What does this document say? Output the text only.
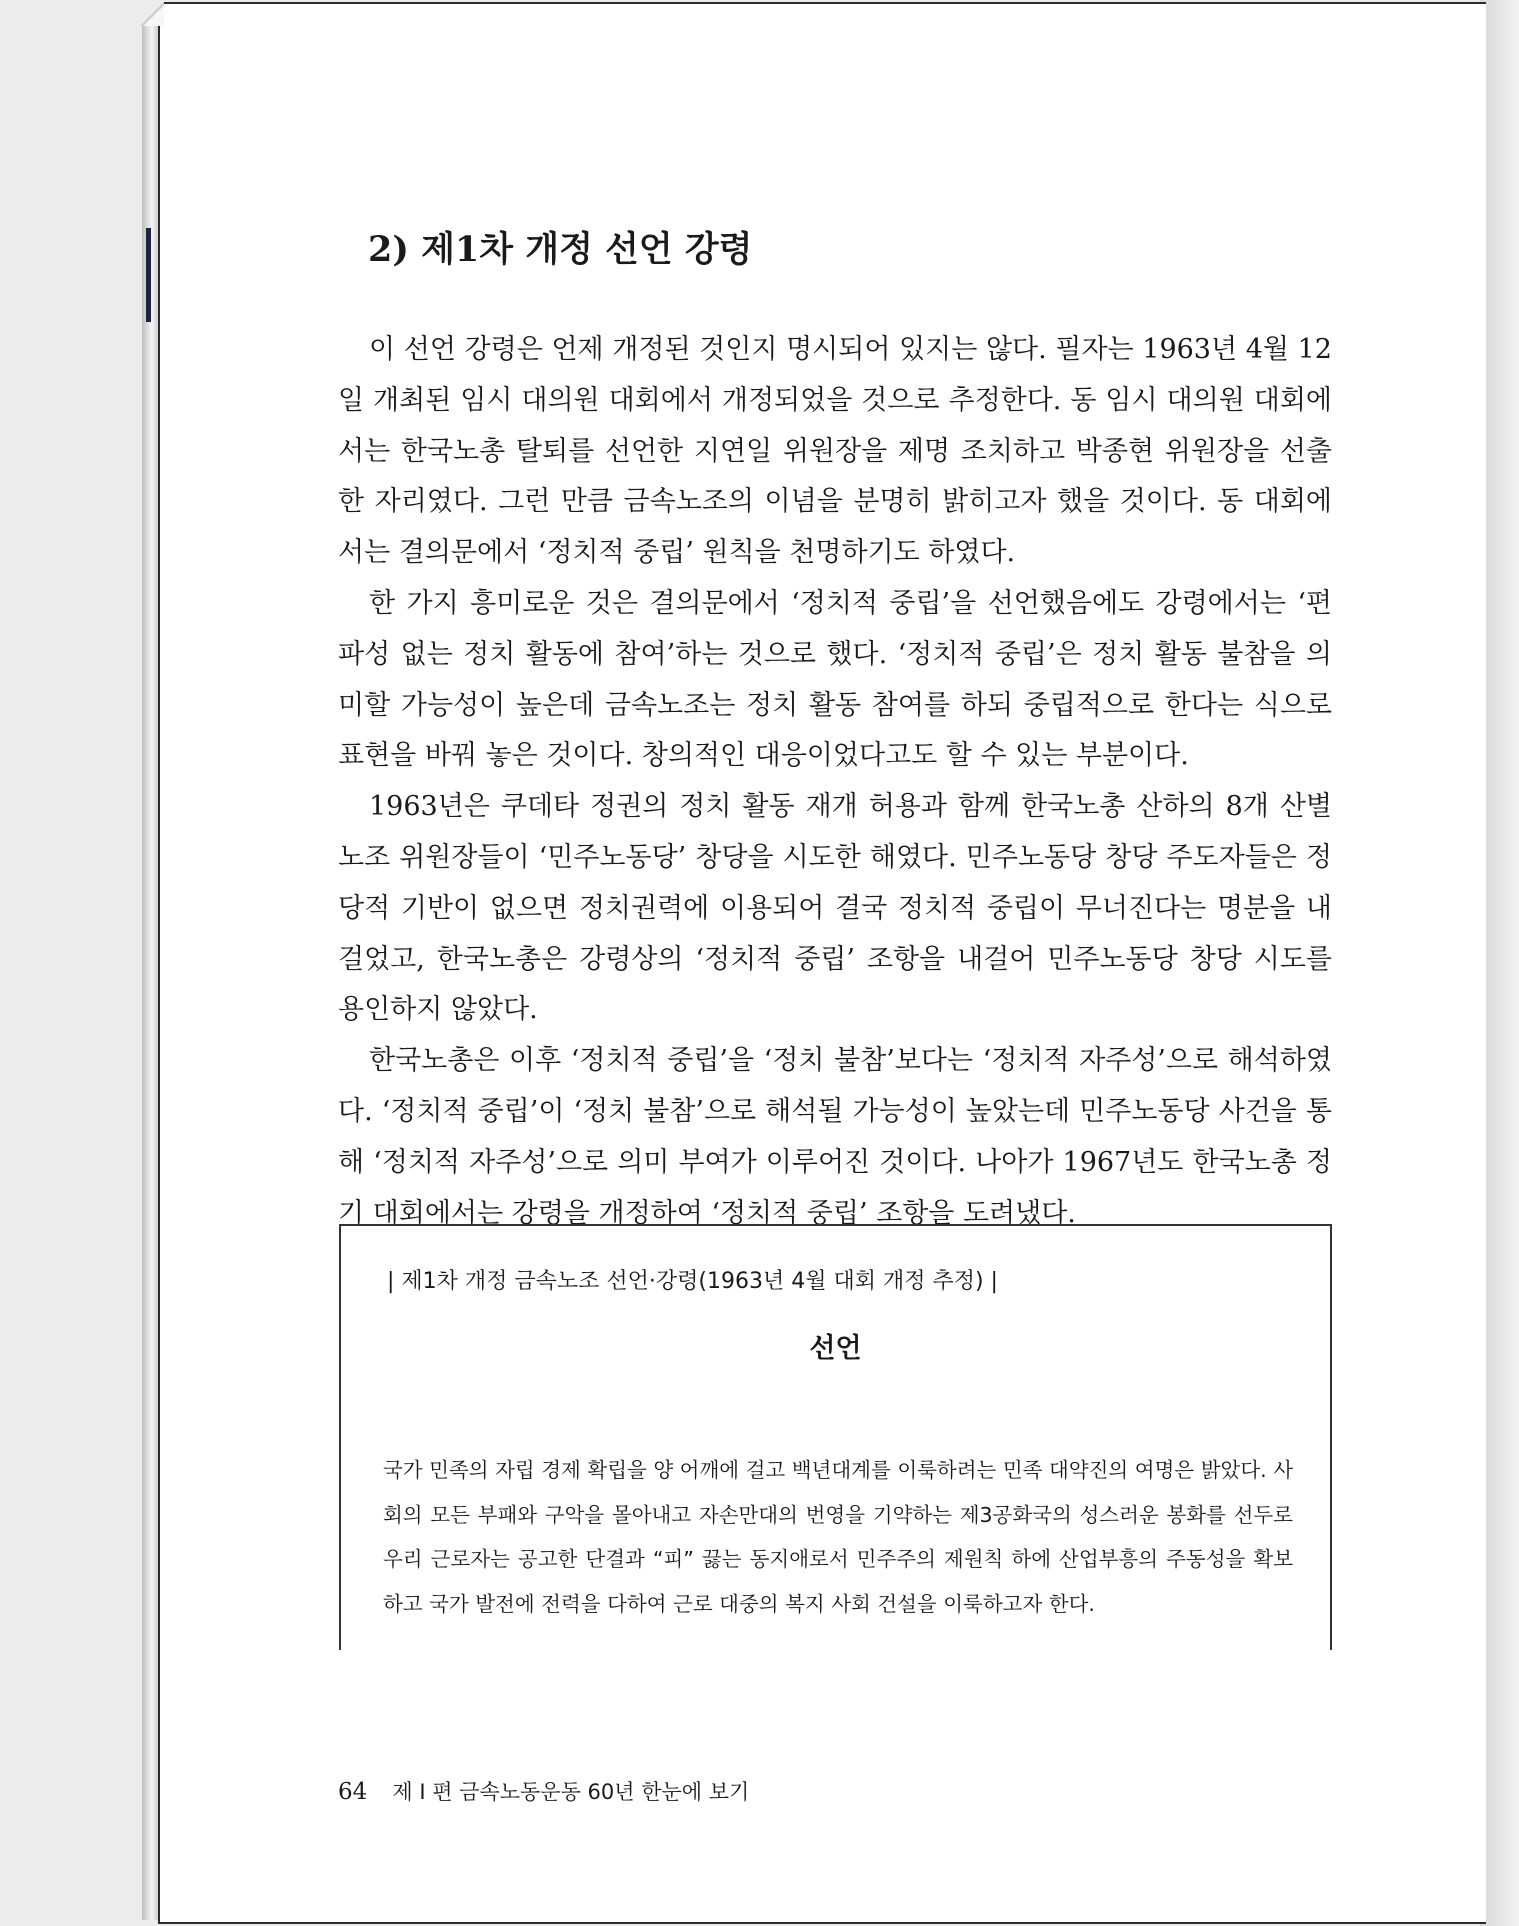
2) 제1차 개정 선언 강령

이 선언 강령은 언제 개정된 것인지 명시되어 있지는 않다. 필자는 1963년 4월 12일 개최된 임시 대의원 대회에서 개정되었을 것으로 추정한다. 동 임시 대의원 대회에서는 한국노총 탈퇴를 선언한 지연일 위원장을 제명 조치하고 박종현 위원장을 선출한 자리였다. 그런 만큼 금속노조의 이념을 분명히 밝히고자 했을 것이다. 동 대회에서는 결의문에서 ‘정치적 중립’ 원칙을 천명하기도 하였다.

한 가지 흥미로운 것은 결의문에서 ‘정치적 중립’을 선언했음에도 강령에서는 ‘편파성 없는 정치 활동에 참여’하는 것으로 했다. ‘정치적 중립’은 정치 활동 불참을 의미할 가능성이 높은데 금속노조는 정치 활동 참여를 하되 중립적으로 한다는 식으로 표현을 바꿔 놓은 것이다. 창의적인 대응이었다고도 할 수 있는 부분이다.

1963년은 쿠데타 정권의 정치 활동 재개 허용과 함께 한국노총 산하의 8개 산별 노조 위원장들이 ‘민주노동당’ 창당을 시도한 해였다. 민주노동당 창당 주도자들은 정당적 기반이 없으면 정치권력에 이용되어 결국 정치적 중립이 무너진다는 명분을 내걸었고, 한국노총은 강령상의 ‘정치적 중립’ 조항을 내걸어 민주노동당 창당 시도를 용인하지 않았다.

한국노총은 이후 ‘정치적 중립’을 ‘정치 불참’보다는 ‘정치적 자주성’으로 해석하였다. ‘정치적 중립’이 ‘정치 불참’으로 해석될 가능성이 높았는데 민주노동당 사건을 통해 ‘정치적 자주성’으로 의미 부여가 이루어진 것이다. 나아가 1967년도 한국노총 정기 대회에서는 강령을 개정하여 ‘정치적 중립’ 조항을 도려냈다.

| 제1차 개정 금속노조 선언·강령(1963년 4월 대회 개정 추정) |

선언

국가 민족의 자립 경제 확립을 양 어깨에 걸고 백년대계를 이룩하려는 민족 대약진의 여명은 밝았다. 사회의 모든 부패와 구악을 몰아내고 자손만대의 번영을 기약하는 제3공화국의 성스러운 봉화를 선두로 우리 근로자는 공고한 단결과 “피” 끓는 동지애로서 민주주의 제원칙 하에 산업부흥의 주동성을 확보하고 국가 발전에 전력을 다하여 근로 대중의 복지 사회 건설을 이룩하고자 한다.

64 제 I 편 금속노동운동 60년 한눈에 보기
